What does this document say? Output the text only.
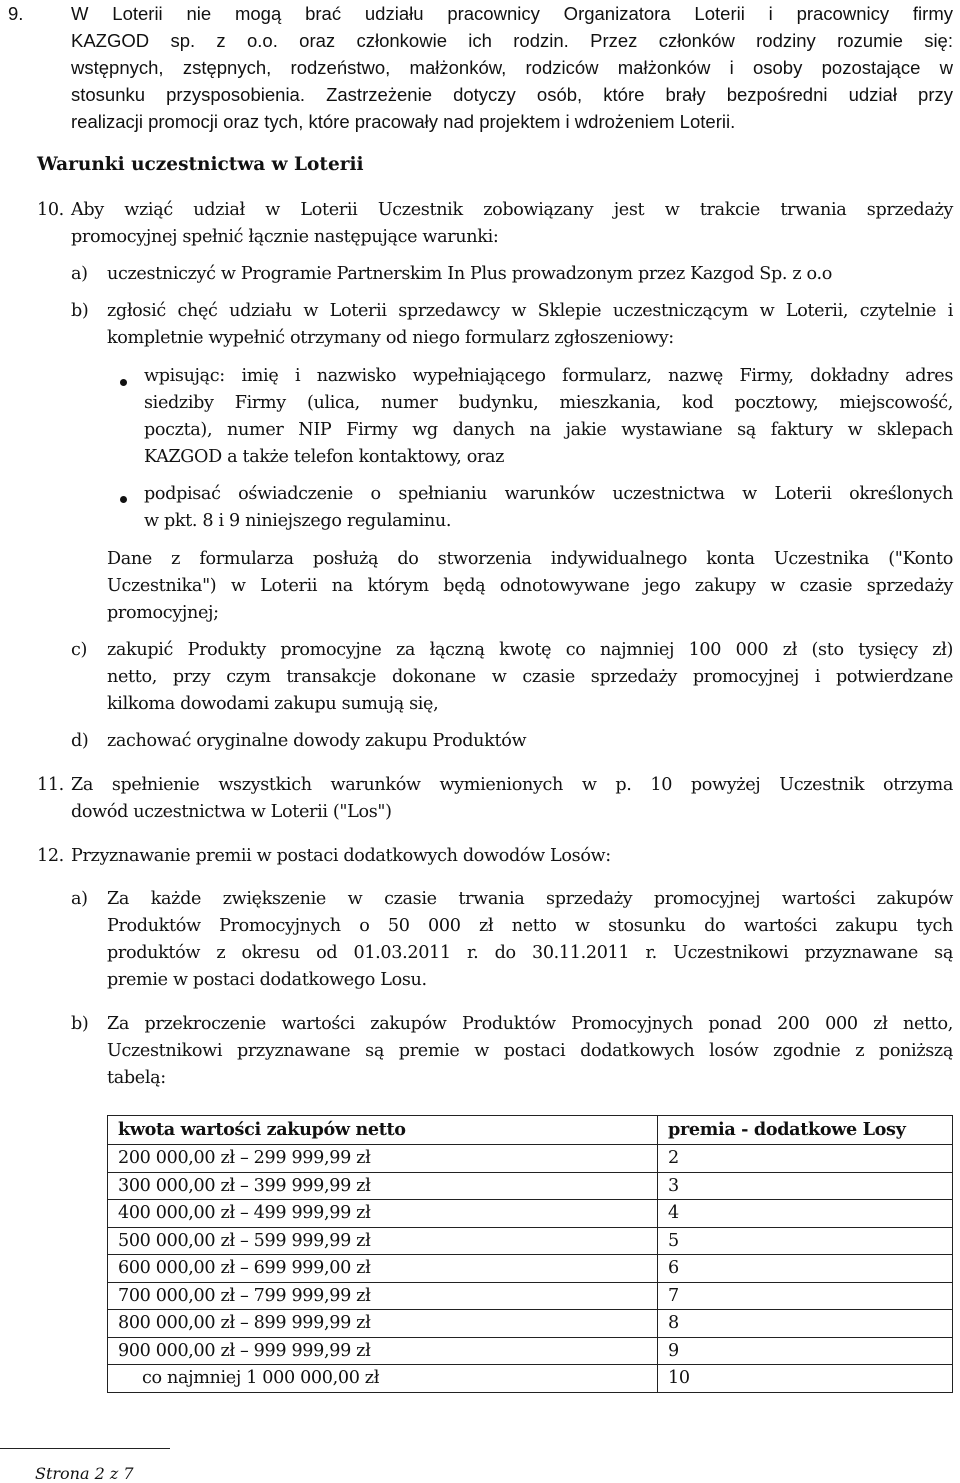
9.	W Loterii nie mogą brać udziału pracownicy Organizatora Loterii i pracownicy firmy
KAZGOD sp. z o.o. oraz członkowie ich rodzin. Przez członków rodziny rozumie się:
wstępnych, zstępnych, rodzeństwo, małżonków, rodziców małżonków i osoby pozostające w
stosunku przysposobienia. Zastrzeżenie dotyczy osób, które brały bezpośredni udział przy
realizacji promocji oraz tych, które pracowały nad projektem i wdrożeniem Loterii.
Warunki uczestnictwa w Loterii
10. Aby wziąć udział w Loterii Uczestnik zobowiązany jest w trakcie trwania sprzedaży
promocyjnej spełnić łącznie następujące warunki:
a) uczestniczyć w Programie Partnerskim In Plus prowadzonym przez Kazgod Sp. z o.o
b) zgłosić chęć udziału w Loterii sprzedawcy w Sklepie uczestniczącym w Loterii, czytelnie i
kompletnie wypełnić otrzymany od niego formularz zgłoszeniowy:
wpisując: imię i nazwisko wypełniającego formularz, nazwę Firmy, dokładny adres
siedziby Firmy (ulica, numer budynku, mieszkania, kod pocztowy, miejscowość,
poczta), numer NIP Firmy wg danych na jakie wystawiane są faktury w sklepach
KAZGOD a także telefon kontaktowy, oraz
podpisać oświadczenie o spełnianiu warunków uczestnictwa w Loterii określonych
w pkt. 8 i 9 niniejszego regulaminu.
Dane z formularza posłużą do stworzenia indywidualnego konta Uczestnika ("Konto
Uczestnika") w Loterii na którym będą odnotowywane jego zakupy w czasie sprzedaży
promocyjnej;
c) zakupić Produkty promocyjne za łączną kwotę co najmniej 100 000 zł (sto tysięcy zł)
netto, przy czym transakcje dokonane w czasie sprzedaży promocyjnej i potwierdzane
kilkoma dowodami zakupu sumują się,
d) zachować oryginalne dowody zakupu Produktów
11. Za spełnienie wszystkich warunków wymienionych w p. 10 powyżej Uczestnik otrzyma
dowód uczestnictwa w Loterii ("Los")
12. Przyznawanie premii w postaci dodatkowych dowodów Losów:
a) Za każde zwiększenie w czasie trwania sprzedaży promocyjnej wartości zakupów
Produktów Promocyjnych o 50 000 zł netto w stosunku do wartości zakupu tych
produktów z okresu od 01.03.2011 r. do 30.11.2011 r. Uczestnikowi przyznawane są
premie w postaci dodatkowego Losu.
b) Za przekroczenie wartości zakupów Produktów Promocyjnych ponad 200 000 zł netto,
Uczestnikowi przyznawane są premie w postaci dodatkowych losów zgodnie z poniższą
tabelą:
kwota wartości zakupów netto	premia - dodatkowe Losy
200 000,00 zł – 299 999,99 zł	2
300 000,00 zł – 399 999,99 zł	3
400 000,00 zł – 499 999,99 zł	4
500 000,00 zł – 599 999,99 zł	5
600 000,00 zł – 699 999,00 zł	6
700 000,00 zł – 799 999,99 zł	7
800 000,00 zł – 899 999,99 zł	8
900 000,00 zł – 999 999,99 zł	9
co najmniej 1 000 000,00 zł	10
Strona 2 z 7
